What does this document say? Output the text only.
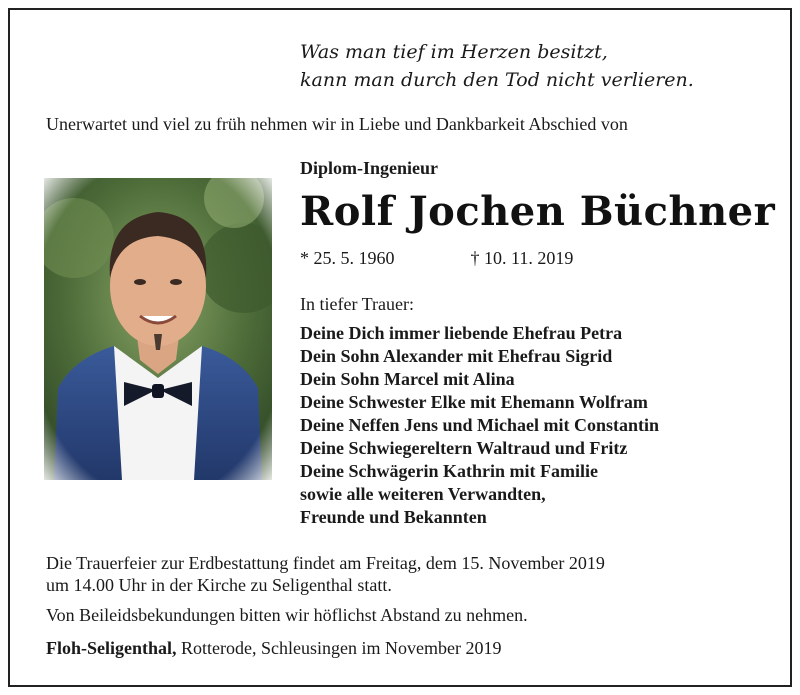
Was man tief im Herzen besitzt,
kann man durch den Tod nicht verlieren.
Unerwartet und viel zu früh nehmen wir in Liebe und Dankbarkeit Abschied von
Diplom-Ingenieur
Rolf Jochen Büchner
* 25. 5. 1960	† 10. 11. 2019
In tiefer Trauer:
Deine Dich immer liebende Ehefrau Petra
Dein Sohn Alexander mit Ehefrau Sigrid
Dein Sohn Marcel mit Alina
Deine Schwester Elke mit Ehemann Wolfram
Deine Neffen Jens und Michael mit Constantin
Deine Schwiegereltern Waltraud und Fritz
Deine Schwägerin Kathrin mit Familie
sowie alle weiteren Verwandten,
Freunde und Bekannten
Die Trauerfeier zur Erdbestattung findet am Freitag, dem 15. November 2019
um 14.00 Uhr in der Kirche zu Seligenthal statt.
Von Beileidsbekundungen bitten wir höflichst Abstand zu nehmen.
Floh-Seligenthal, Rotterode, Schleusingen im November 2019
